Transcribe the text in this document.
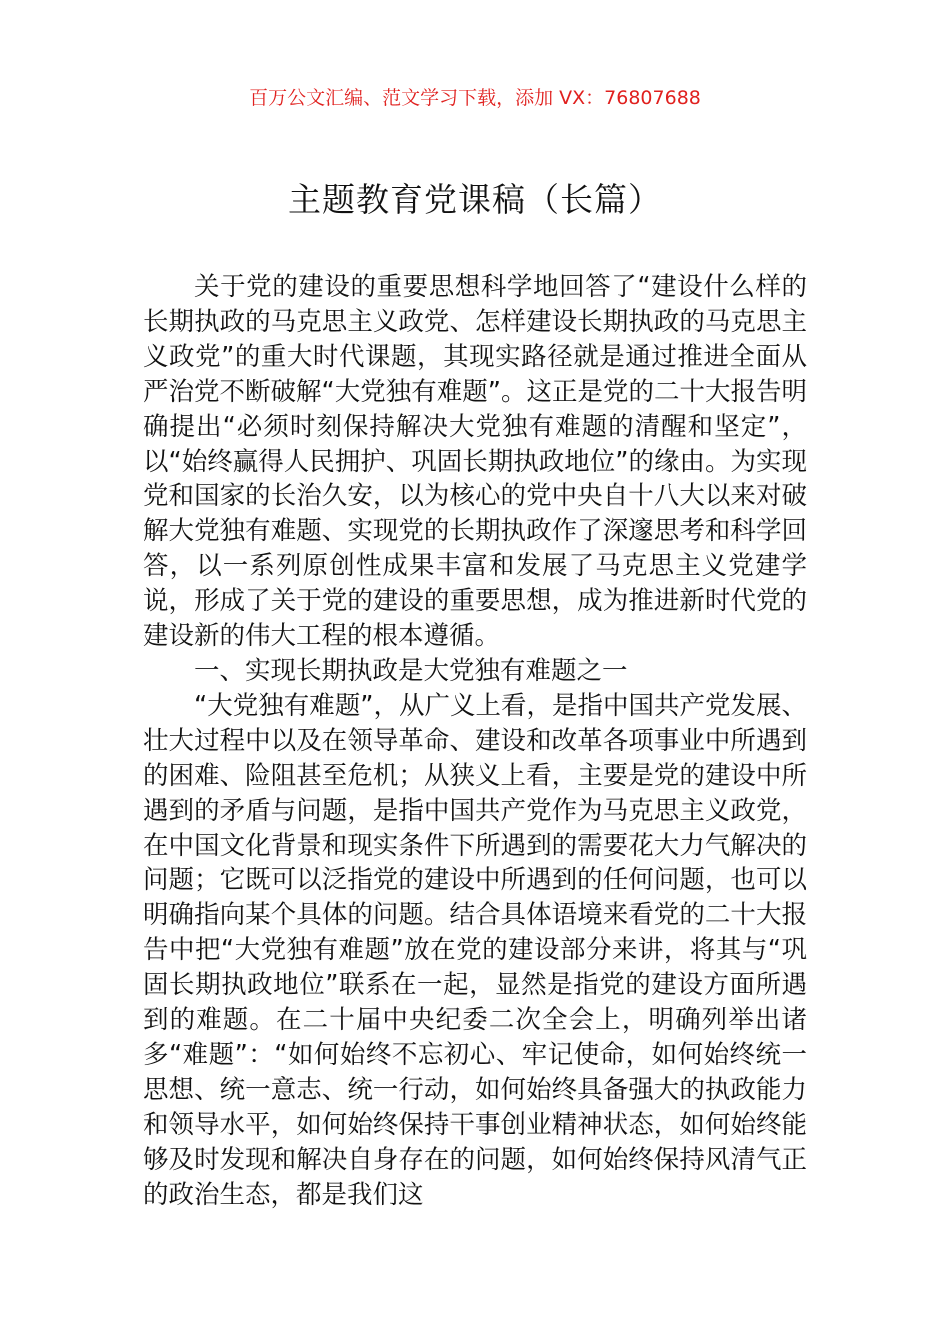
百万公文汇编、范文学习下载，添加 VX：76807688
主题教育党课稿（长篇）

关于党的建设的重要思想科学地回答了“建设什么样的长期执政的马克思主义政党、怎样建设长期执政的马克思主义政党”的重大时代课题，其现实路径就是通过推进全面从严治党不断破解“大党独有难题”。这正是党的二十大报告明确提出“必须时刻保持解决大党独有难题的清醒和坚定”，以“始终赢得人民拥护、巩固长期执政地位”的缘由。为实现党和国家的长治久安，以为核心的党中央自十八大以来对破解大党独有难题、实现党的长期执政作了深邃思考和科学回答，以一系列原创性成果丰富和发展了马克思主义党建学说，形成了关于党的建设的重要思想，成为推进新时代党的建设新的伟大工程的根本遵循。

一、实现长期执政是大党独有难题之一

“大党独有难题”，从广义上看，是指中国共产党发展、壮大过程中以及在领导革命、建设和改革各项事业中所遇到的困难、险阻甚至危机；从狭义上看，主要是党的建设中所遇到的矛盾与问题，是指中国共产党作为马克思主义政党，在中国文化背景和现实条件下所遇到的需要花大力气解决的问题；它既可以泛指党的建设中所遇到的任何问题，也可以明确指向某个具体的问题。结合具体语境来看党的二十大报告中把“大党独有难题”放在党的建设部分来讲，将其与“巩固长期执政地位”联系在一起，显然是指党的建设方面所遇到的难题。在二十届中央纪委二次全会上，明确列举出诸多“难题”：“如何始终不忘初心、牢记使命，如何始终统一思想、统一意志、统一行动，如何始终具备强大的执政能力和领导水平，如何始终保持干事创业精神状态，如何始终能够及时发现和解决自身存在的问题，如何始终保持风清气正的政治生态，都是我们这
